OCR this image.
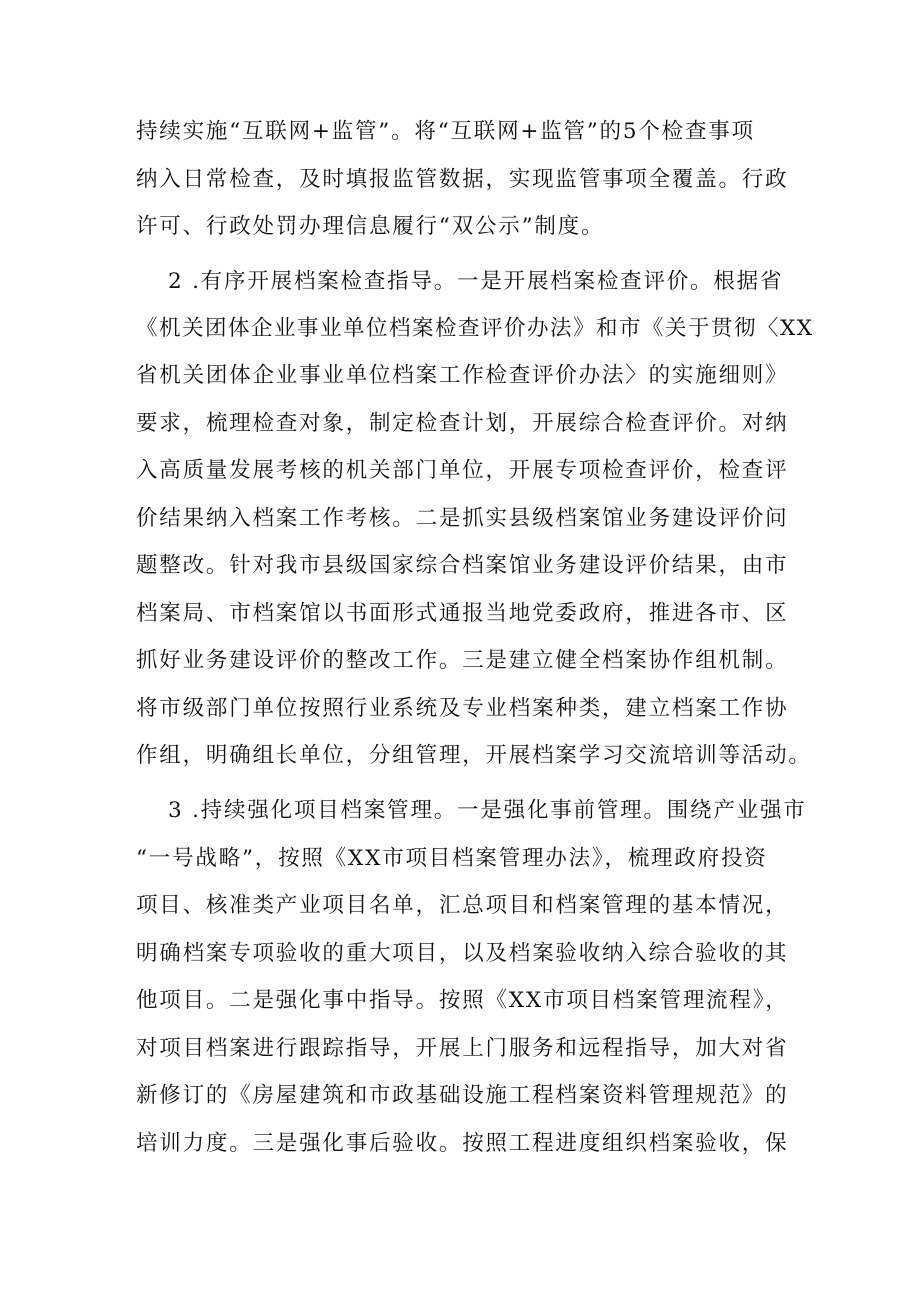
持续实施“互联网+监管”。将“互联网+监管”的5个检查事项
纳入日常检查，及时填报监管数据，实现监管事项全覆盖。行政
许可、行政处罚办理信息履行“双公示”制度。
2 .有序开展档案检查指导。一是开展档案检查评价。根据省
《机关团体企业事业单位档案检查评价办法》和市《关于贯彻〈XX
省机关团体企业事业单位档案工作检查评价办法〉的实施细则》
要求，梳理检查对象，制定检查计划，开展综合检查评价。对纳
入高质量发展考核的机关部门单位，开展专项检查评价，检查评
价结果纳入档案工作考核。二是抓实县级档案馆业务建设评价问
题整改。针对我市县级国家综合档案馆业务建设评价结果，由市
档案局、市档案馆以书面形式通报当地党委政府，推进各市、区
抓好业务建设评价的整改工作。三是建立健全档案协作组机制。
将市级部门单位按照行业系统及专业档案种类，建立档案工作协
作组，明确组长单位，分组管理，开展档案学习交流培训等活动。
3 .持续强化项目档案管理。一是强化事前管理。围绕产业强市
“一号战略”，按照《XX市项目档案管理办法》，梳理政府投资
项目、核准类产业项目名单，汇总项目和档案管理的基本情况，
明确档案专项验收的重大项目，以及档案验收纳入综合验收的其
他项目。二是强化事中指导。按照《XX市项目档案管理流程》，
对项目档案进行跟踪指导，开展上门服务和远程指导，加大对省
新修订的《房屋建筑和市政基础设施工程档案资料管理规范》的
培训力度。三是强化事后验收。按照工程进度组织档案验收，保
